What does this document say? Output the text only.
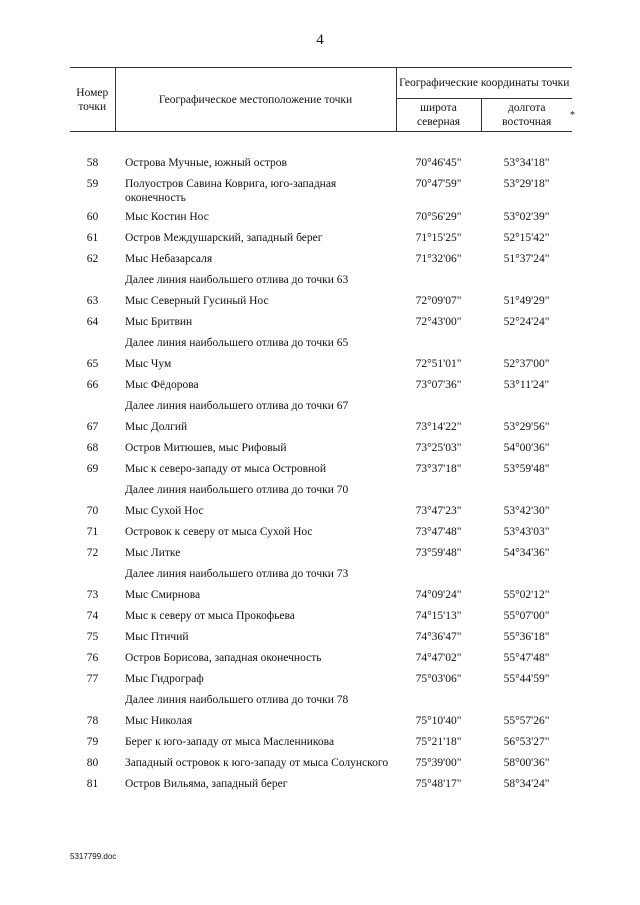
4
Номер точки	Географическое местоположение точки	Географические координаты точки	
		широта северная	долгота восточная
*

58	Острова Мучные, южный остров	70°46'45"	53°34'18"
59	Полуостров Савина Коврига, юго-западная оконечность	70°47'59"	53°29'18"
60	Мыс Костин Нос	70°56'29"	53°02'39"
61	Остров Междушарский, западный берег	71°15'25"	52°15'42"
62	Мыс Небазарсаля	71°32'06"	51°37'24"
	Далее линия наибольшего отлива до точки 63		
63	Мыс Северный Гусиный Нос	72°09'07"	51°49'29"
64	Мыс Бритвин	72°43'00"	52°24'24"
	Далее линия наибольшего отлива до точки 65		
65	Мыс Чум	72°51'01"	52°37'00"
66	Мыс Фёдорова	73°07'36"	53°11'24"
	Далее линия наибольшего отлива до точки 67		
67	Мыс Долгий	73°14'22"	53°29'56"
68	Остров Митюшев, мыс Рифовый	73°25'03"	54°00'36"
69	Мыс к северо-западу от мыса Островной	73°37'18"	53°59'48"
	Далее линия наибольшего отлива до точки 70		
70	Мыс Сухой Нос	73°47'23"	53°42'30"
71	Островок к северу от мыса Сухой Нос	73°47'48"	53°43'03"
72	Мыс Литке	73°59'48"	54°34'36"
	Далее линия наибольшего отлива до точки 73		
73	Мыс Смирнова	74°09'24"	55°02'12"
74	Мыс к северу от мыса Прокофьева	74°15'13"	55°07'00"
75	Мыс Птичий	74°36'47"	55°36'18"
76	Остров Борисова, западная оконечность	74°47'02"	55°47'48"
77	Мыс Гидрограф	75°03'06"	55°44'59"
	Далее линия наибольшего отлива до точки 78		
78	Мыс Николая	75°10'40"	55°57'26"
79	Берег к юго-западу от мыса Масленникова	75°21'18"	56°53'27"
80	Западный островок к юго-западу от мыса Солунского	75°39'00"	58°00'36"
81	Остров Вильяма, западный берег	75°48'17"	58°34'24"
5317799.doc
